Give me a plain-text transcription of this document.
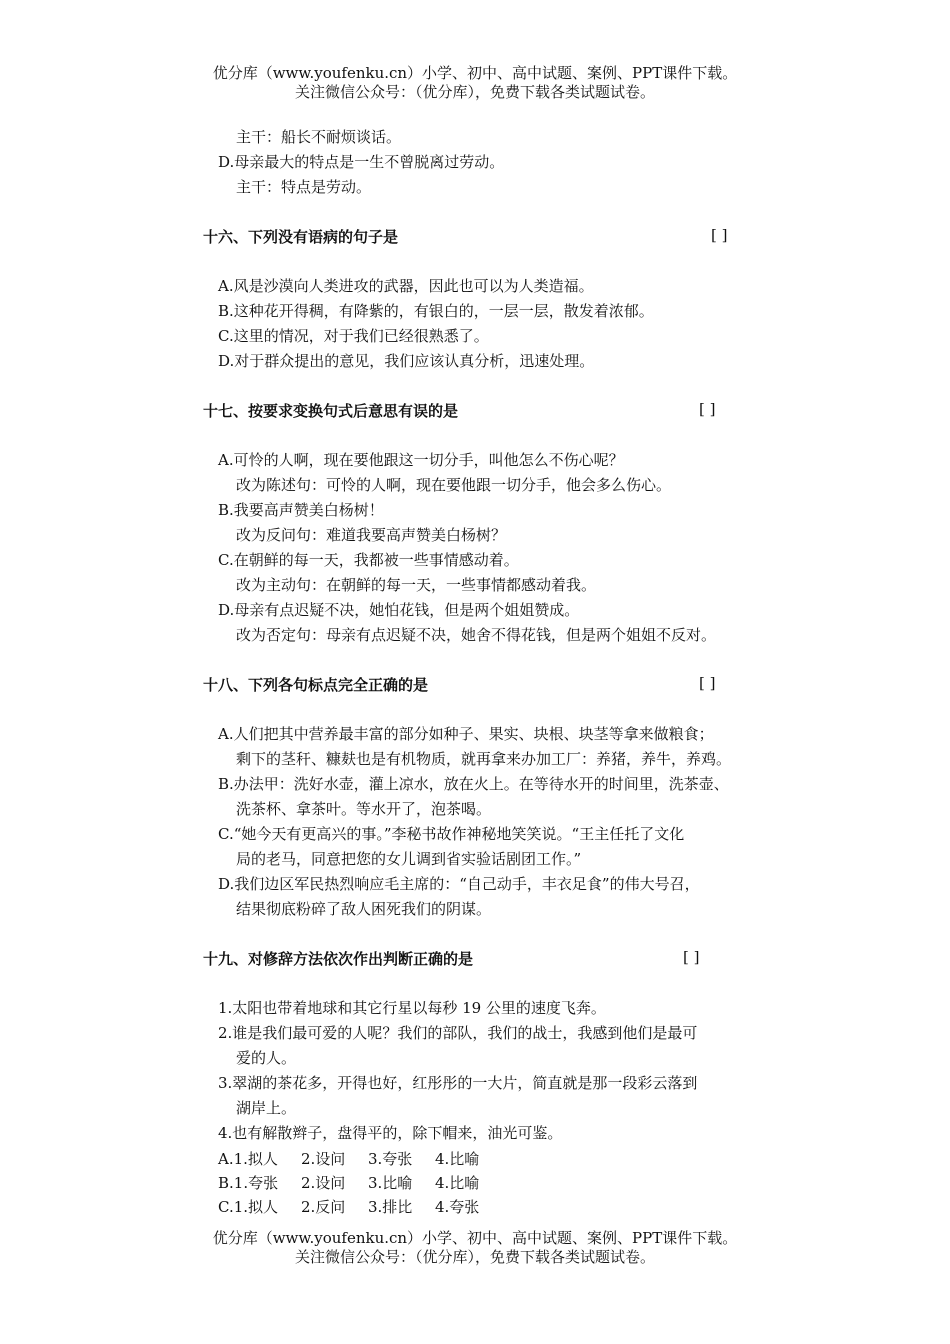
优分库（www.youfenku.cn）小学、初中、高中试题、案例、PPT课件下载。
关注微信公众号：（优分库），免费下载各类试题试卷。
主干：船长不耐烦谈话。
D.母亲最大的特点是一生不曾脱离过劳动。
主干：特点是劳动。
十六、下列没有语病的句子是	[ ]
A.风是沙漠向人类进攻的武器，因此也可以为人类造福。
B.这种花开得稠，有降紫的，有银白的，一层一层，散发着浓郁。
C.这里的情况，对于我们已经很熟悉了。
D.对于群众提出的意见，我们应该认真分析，迅速处理。
十七、按要求变换句式后意思有误的是	[ ]
A.可怜的人啊，现在要他跟这一切分手，叫他怎么不伤心呢？
改为陈述句：可怜的人啊，现在要他跟一切分手，他会多么伤心。
B.我要高声赞美白杨树！
改为反问句：难道我要高声赞美白杨树？
C.在朝鲜的每一天，我都被一些事情感动着。
改为主动句：在朝鲜的每一天，一些事情都感动着我。
D.母亲有点迟疑不决，她怕花钱，但是两个姐姐赞成。
改为否定句：母亲有点迟疑不决，她舍不得花钱，但是两个姐姐不反对。
十八、下列各句标点完全正确的是	[ ]
A.人们把其中营养最丰富的部分如种子、果实、块根、块茎等拿来做粮食；
剩下的茎秆、糠麸也是有机物质，就再拿来办加工厂：养猪，养牛，养鸡。
B.办法甲：洗好水壶，灌上凉水，放在火上。在等待水开的时间里，洗茶壶、
洗茶杯、拿茶叶。等水开了，泡茶喝。
C.“她今天有更高兴的事。”李秘书故作神秘地笑笑说。“王主任托了文化
局的老马，同意把您的女儿调到省实验话剧团工作。”
D.我们边区军民热烈响应毛主席的：“自己动手，丰衣足食”的伟大号召，
结果彻底粉碎了敌人困死我们的阴谋。
十九、对修辞方法依次作出判断正确的是	[ ]
1.太阳也带着地球和其它行星以每秒 19 公里的速度飞奔。
2.谁是我们最可爱的人呢？我们的部队，我们的战士，我感到他们是最可
爱的人。
3.翠湖的茶花多，开得也好，红彤彤的一大片，简直就是那一段彩云落到
湖岸上。
4.也有解散辫子，盘得平的，除下帽来，油光可鉴。
A.1.拟人 2.设问 3.夸张 4.比喻
B.1.夸张 2.设问 3.比喻 4.比喻
C.1.拟人 2.反问 3.排比 4.夸张
优分库（www.youfenku.cn）小学、初中、高中试题、案例、PPT课件下载。
关注微信公众号：（优分库），免费下载各类试题试卷。
